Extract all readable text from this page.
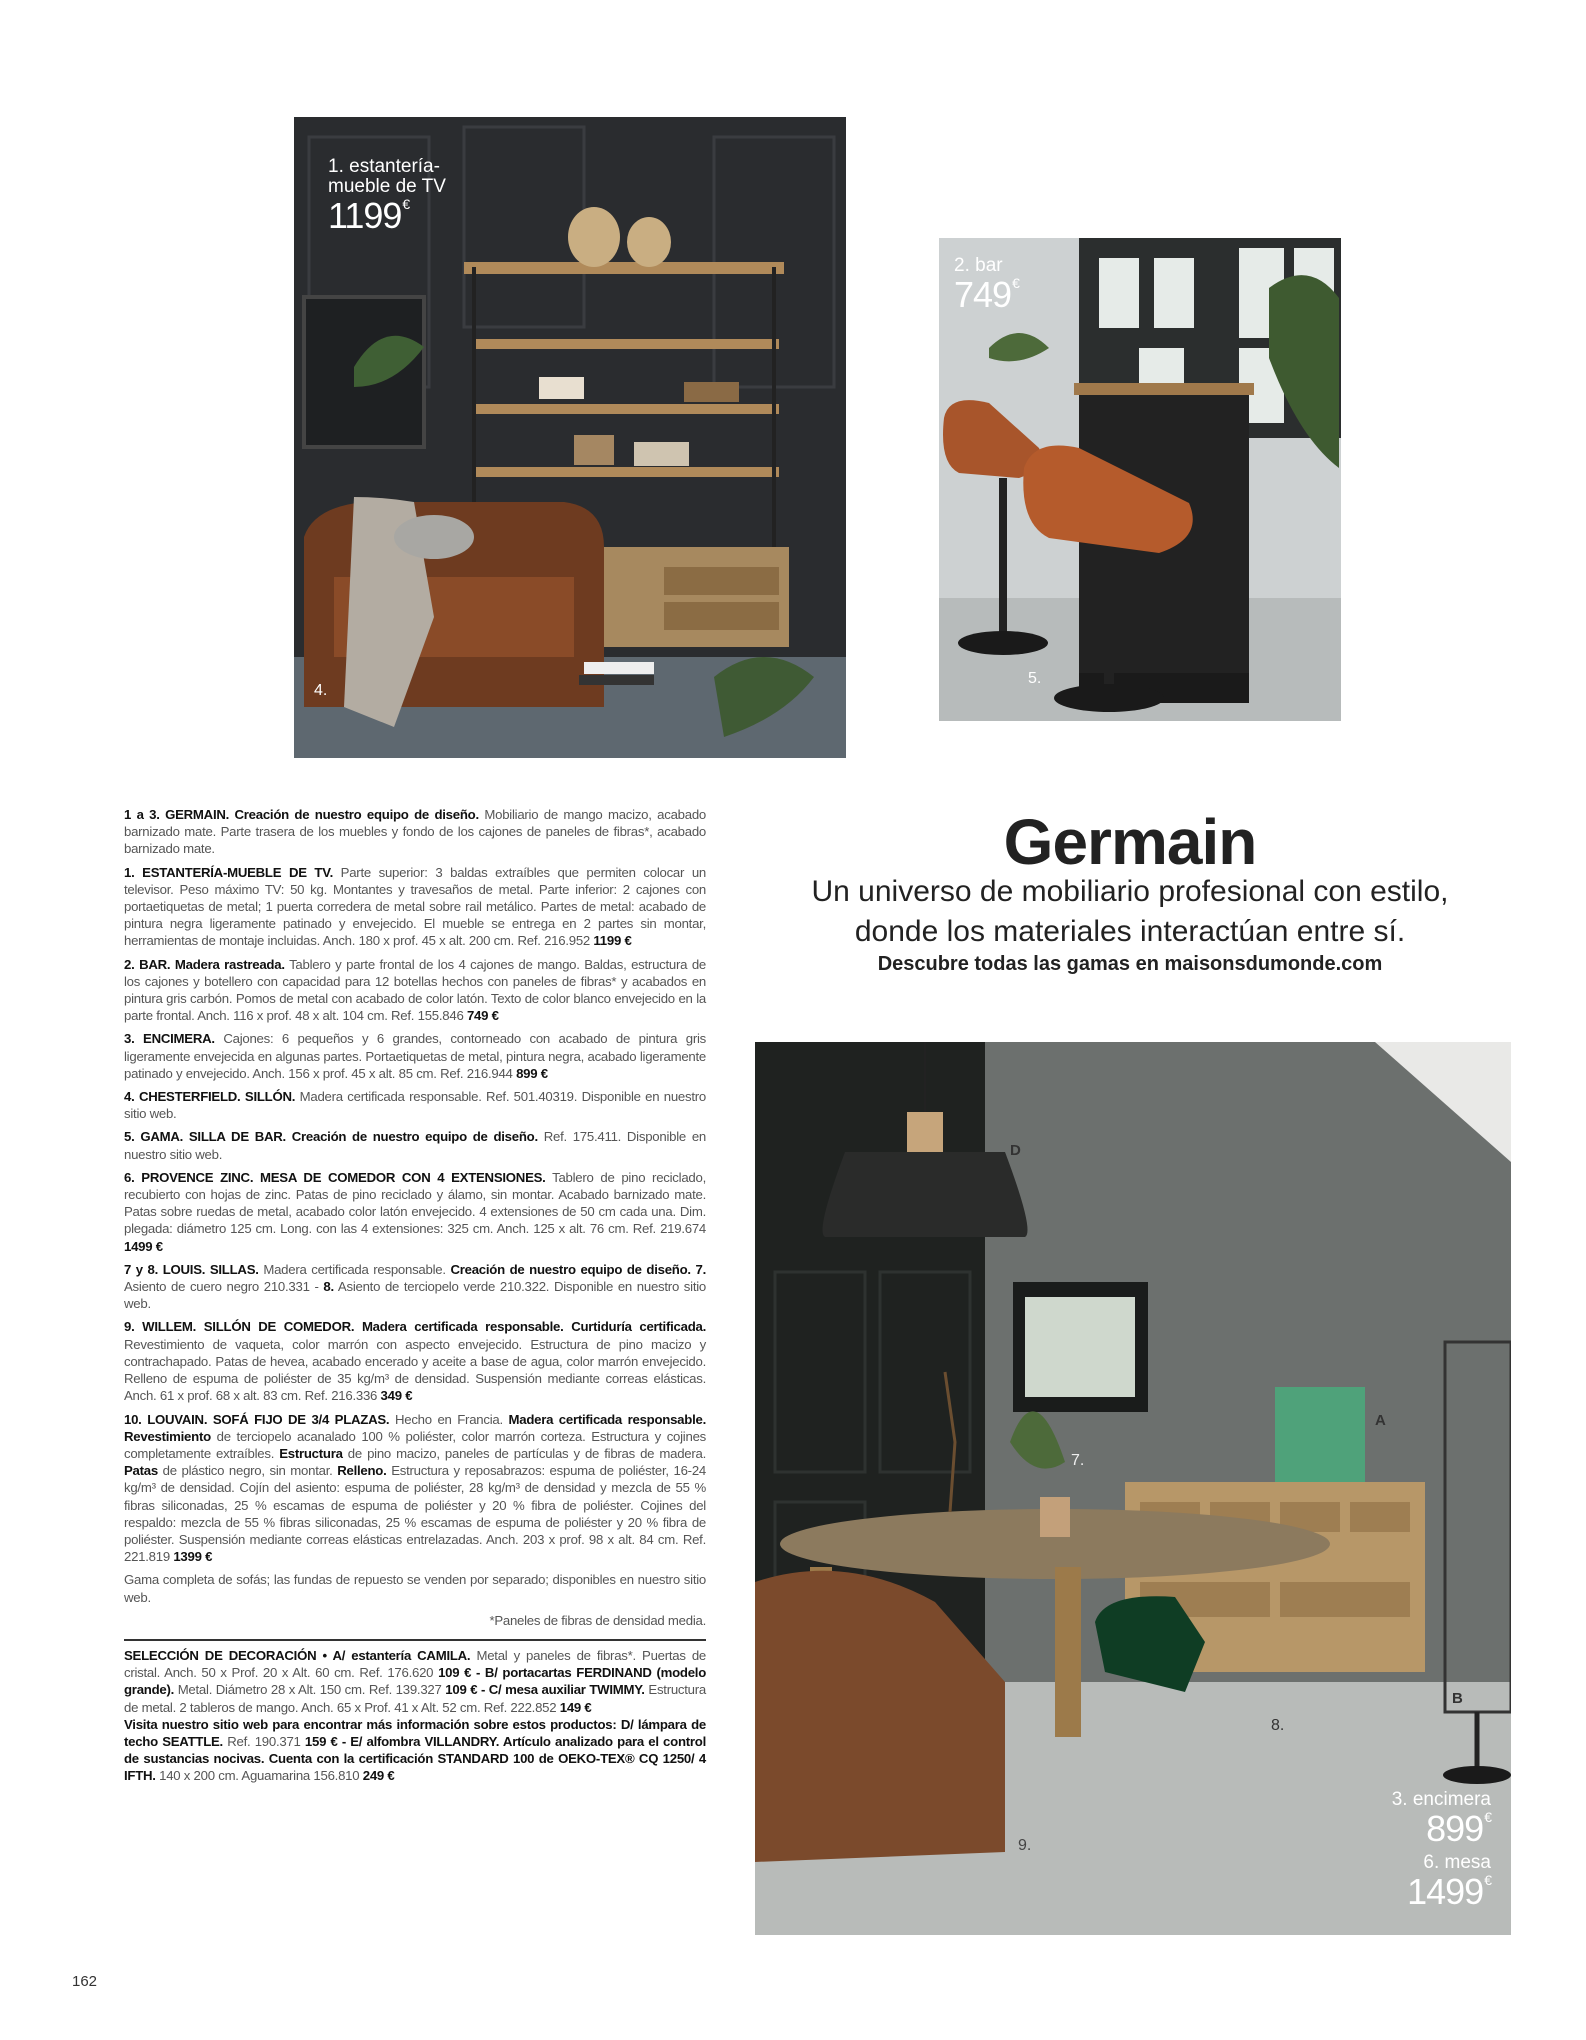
1. estantería-mueble de TV
1199€
4.
2. bar
749€
5.
Germain
Un universo de mobiliario profesional con estilo,
donde los materiales interactúan entre sí.
Descubre todas las gamas en maisonsdumonde.com

1 a 3. GERMAIN. Creación de nuestro equipo de diseño. Mobiliario de mango macizo, acabado barnizado mate. Parte trasera de los muebles y fondo de los cajones de paneles de fibras*, acabado barnizado mate.

1. ESTANTERÍA-MUEBLE DE TV. Parte superior: 3 baldas extraíbles que permiten colocar un televisor. Peso máximo TV: 50 kg. Montantes y travesaños de metal. Parte inferior: 2 cajones con portaetiquetas de metal; 1 puerta corredera de metal sobre rail metálico. Partes de metal: acabado de pintura negra ligeramente patinado y envejecido. El mueble se entrega en 2 partes sin montar, herramientas de montaje incluidas. Anch. 180 x prof. 45 x alt. 200 cm. Ref. 216.952 1199 €

2. BAR. Madera rastreada. Tablero y parte frontal de los 4 cajones de mango. Baldas, estructura de los cajones y botellero con capacidad para 12 botellas hechos con paneles de fibras* y acabados en pintura gris carbón. Pomos de metal con acabado de color latón. Texto de color blanco envejecido en la parte frontal. Anch. 116 x prof. 48 x alt. 104 cm. Ref. 155.846 749 €

3. ENCIMERA. Cajones: 6 pequeños y 6 grandes, contorneado con acabado de pintura gris ligeramente envejecida en algunas partes. Portaetiquetas de metal, pintura negra, acabado ligeramente patinado y envejecido. Anch. 156 x prof. 45 x alt. 85 cm. Ref. 216.944 899 €

4. CHESTERFIELD. SILLÓN. Madera certificada responsable. Ref. 501.40319. Disponible en nuestro sitio web.

5. GAMA. SILLA DE BAR. Creación de nuestro equipo de diseño. Ref. 175.411. Disponible en nuestro sitio web.

6. PROVENCE ZINC. MESA DE COMEDOR CON 4 EXTENSIONES. Tablero de pino reciclado, recubierto con hojas de zinc. Patas de pino reciclado y álamo, sin montar. Acabado barnizado mate. Patas sobre ruedas de metal, acabado color latón envejecido. 4 extensiones de 50 cm cada una. Dim. plegada: diámetro 125 cm. Long. con las 4 extensiones: 325 cm. Anch. 125 x alt. 76 cm. Ref. 219.674 1499 €

7 y 8. LOUIS. SILLAS. Madera certificada responsable. Creación de nuestro equipo de diseño. 7. Asiento de cuero negro 210.331 - 8. Asiento de terciopelo verde 210.322. Disponible en nuestro sitio web.

9. WILLEM. SILLÓN DE COMEDOR. Madera certificada responsable. Curtiduría certificada. Revestimiento de vaqueta, color marrón con aspecto envejecido. Estructura de pino macizo y contrachapado. Patas de hevea, acabado encerado y aceite a base de agua, color marrón envejecido. Relleno de espuma de poliéster de 35 kg/m³ de densidad. Suspensión mediante correas elásticas. Anch. 61 x prof. 68 x alt. 83 cm. Ref. 216.336 349 €

10. LOUVAIN. SOFÁ FIJO DE 3/4 PLAZAS. Hecho en Francia. Madera certificada responsable. Revestimiento de terciopelo acanalado 100 % poliéster, color marrón corteza. Estructura y cojines completamente extraíbles. Estructura de pino macizo, paneles de partículas y de fibras de madera. Patas de plástico negro, sin montar. Relleno. Estructura y reposabrazos: espuma de poliéster, 16-24 kg/m³ de densidad. Cojín del asiento: espuma de poliéster, 28 kg/m³ de densidad y mezcla de 55 % fibras siliconadas, 25 % escamas de espuma de poliéster y 20 % fibra de poliéster. Cojines del respaldo: mezcla de 55 % fibras siliconadas, 25 % escamas de espuma de poliéster y 20 % fibra de poliéster. Suspensión mediante correas elásticas entrelazadas. Anch. 203 x prof. 98 x alt. 84 cm. Ref. 221.819 1399 €

Gama completa de sofás; las fundas de repuesto se venden por separado; disponibles en nuestro sitio web.

*Paneles de fibras de densidad media.

SELECCIÓN DE DECORACIÓN • A/ estantería CAMILA. Metal y paneles de fibras*. Puertas de cristal. Anch. 50 x Prof. 20 x Alt. 60 cm. Ref. 176.620 109 € - B/ portacartas FERDINAND (modelo grande). Metal. Diámetro 28 x Alt. 150 cm. Ref. 139.327 109 € - C/ mesa auxiliar TWIMMY. Estructura de metal. 2 tableros de mango. Anch. 65 x Prof. 41 x Alt. 52 cm. Ref. 222.852 149 €
Visita nuestro sitio web para encontrar más información sobre estos productos: D/ lámpara de techo SEATTLE. Ref. 190.371 159 € - E/ alfombra VILLANDRY. Artículo analizado para el control de sustancias nocivas. Cuenta con la certificación STANDARD 100 de OEKO-TEX® CQ 1250/ 4 IFTH. 140 x 200 cm. Aguamarina 156.810 249 €

D
A
B
7.
8.
9.
3. encimera
899€
6. mesa
1499€
162
